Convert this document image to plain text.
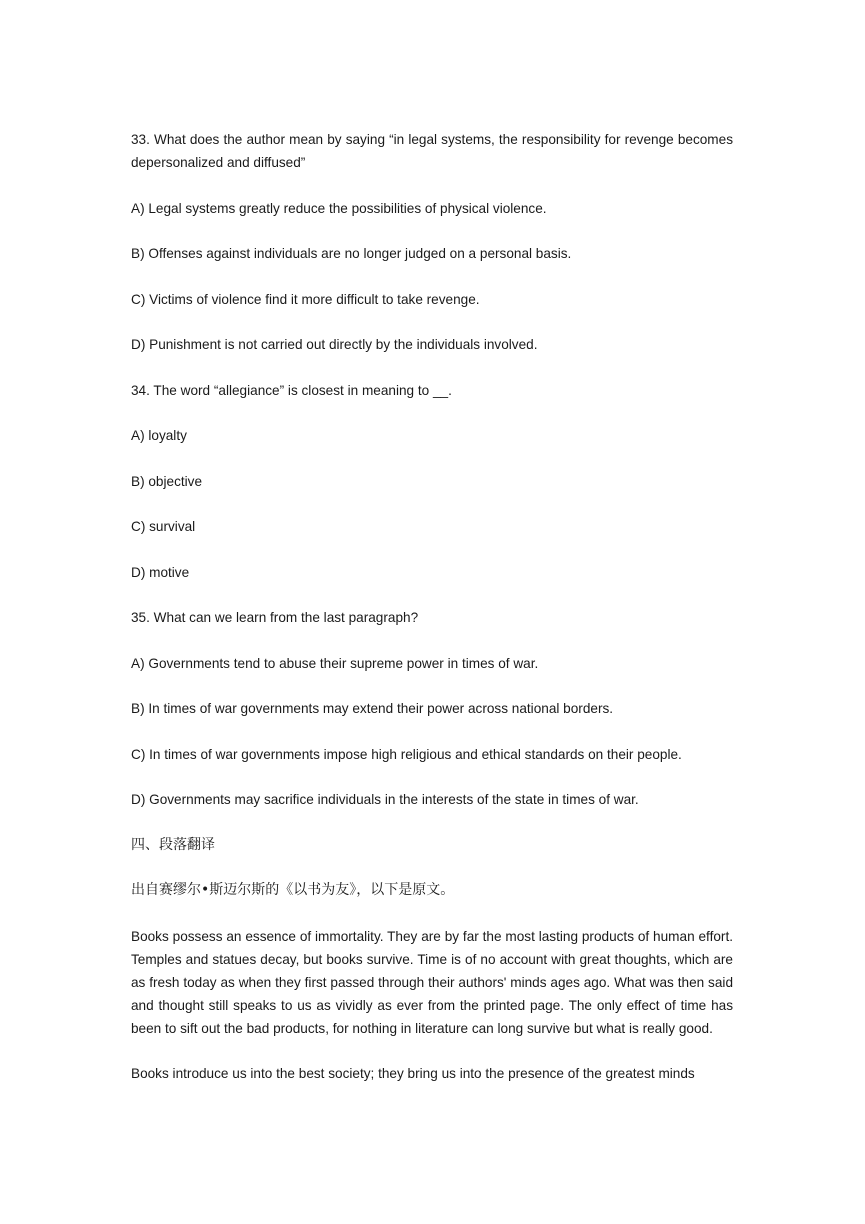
33. What does the author mean by saying “in legal systems, the responsibility for revenge becomes depersonalized and diffused”

A) Legal systems greatly reduce the possibilities of physical violence.

B) Offenses against individuals are no longer judged on a personal basis.

C) Victims of violence find it more difficult to take revenge.

D) Punishment is not carried out directly by the individuals involved.

34. The word “allegiance” is closest in meaning to __.

A) loyalty

B) objective

C) survival

D) motive

35. What can we learn from the last paragraph?

A) Governments tend to abuse their supreme power in times of war.

B) In times of war governments may extend their power across national borders.

C) In times of war governments impose high religious and ethical standards on their people.

D) Governments may sacrifice individuals in the interests of the state in times of war.

四、段落翻译

出自赛缪尔•斯迈尔斯的《以书为友》，以下是原文。

Books possess an essence of immortality. They are by far the most lasting products of human effort. Temples and statues decay, but books survive. Time is of no account with great thoughts, which are as fresh today as when they first passed through their authors' minds ages ago. What was then said and thought still speaks to us as vividly as ever from the printed page. The only effect of time has been to sift out the bad products, for nothing in literature can long survive but what is really good.

Books introduce us into the best society; they bring us into the presence of the greatest minds
